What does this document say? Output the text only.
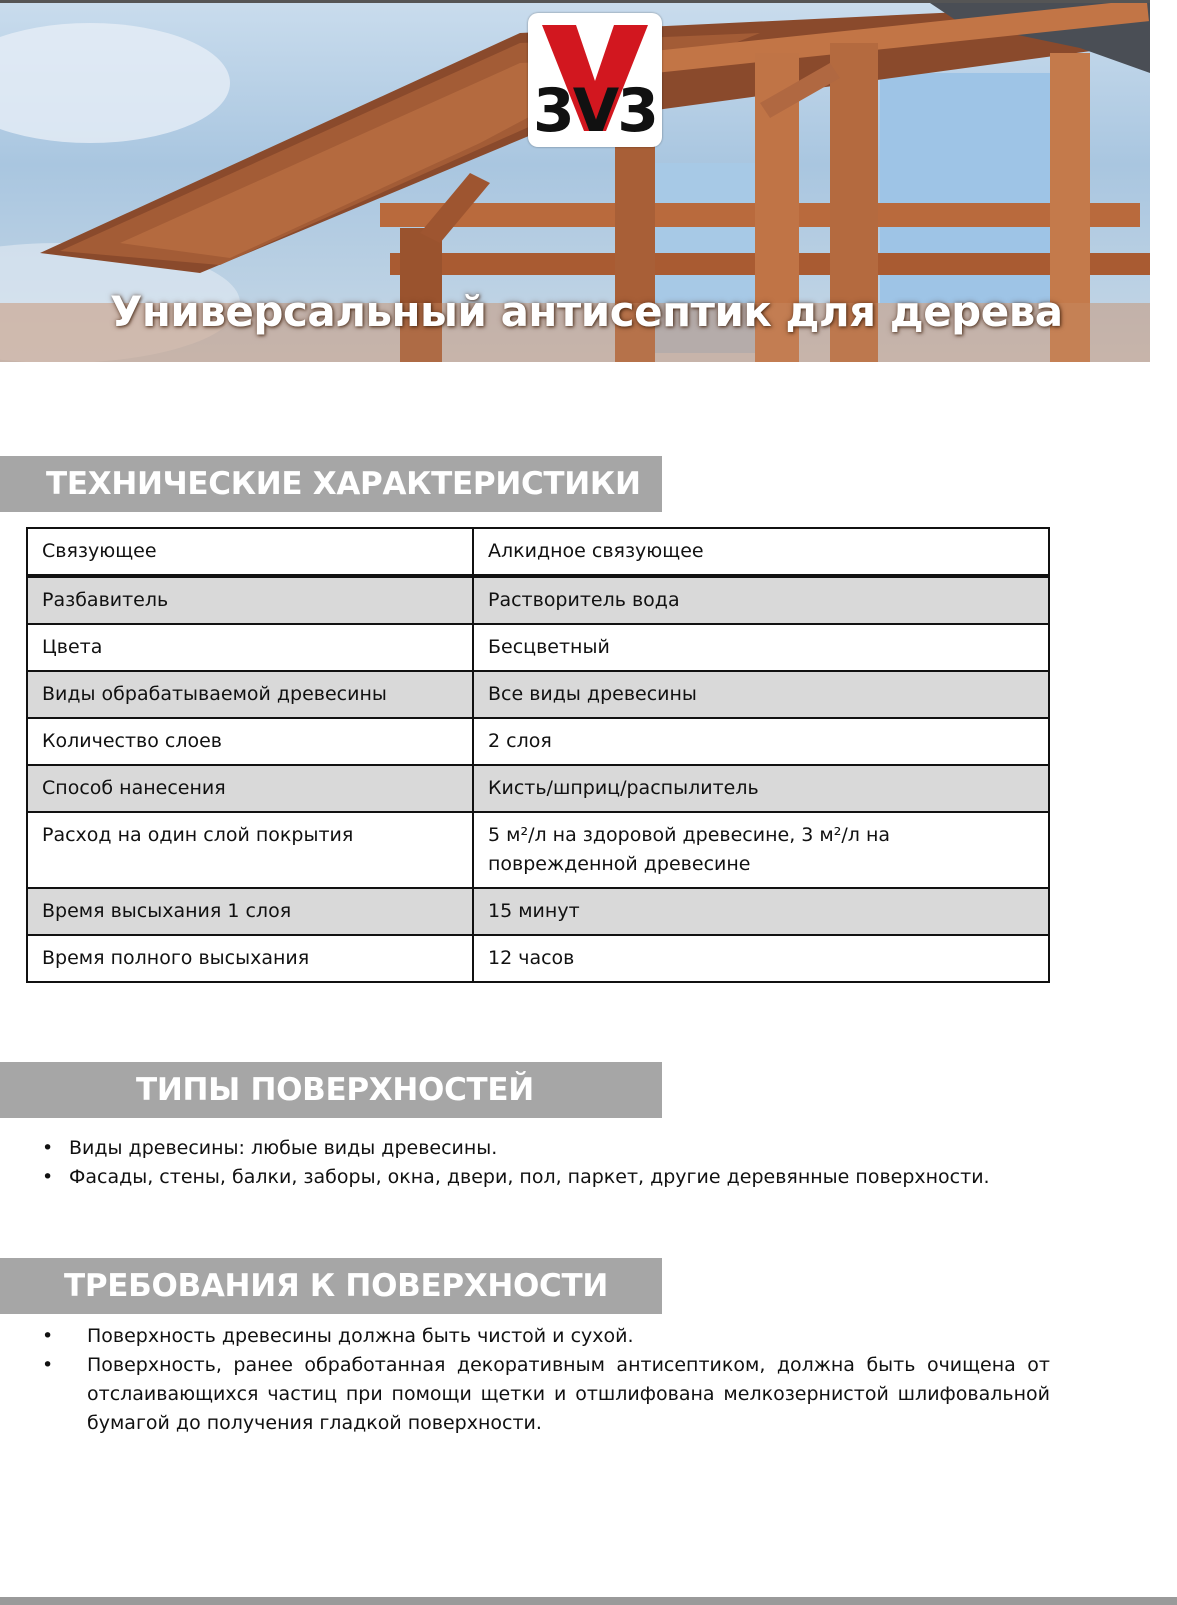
3V3
Универсальный антисептик для дерева
ТЕХНИЧЕСКИЕ ХАРАКТЕРИСТИКИ
Связующее	Алкидное связующее
Разбавитель	Растворитель вода
Цвета	Бесцветный
Виды обрабатываемой древесины	Все виды древесины
Количество слоев	2 слоя
Способ нанесения	Кисть/шприц/распылитель
Расход на один слой покрытия	5 м²/л на здоровой древесине, 3 м²/л на поврежденной древесине
Время высыхания 1 слоя	15 минут
Время полного высыхания	12 часов
ТИПЫ ПОВЕРХНОСТЕЙ
• Виды древесины: любые виды древесины.
• Фасады, стены, балки, заборы, окна, двери, пол, паркет, другие деревянные поверхности.
ТРЕБОВАНИЯ К ПОВЕРХНОСТИ
• Поверхность древесины должна быть чистой и сухой.
• Поверхность, ранее обработанная декоративным антисептиком, должна быть очищена от отслаивающихся частиц при помощи щетки и отшлифована мелкозернистой шлифовальной бумагой до получения гладкой поверхности.
